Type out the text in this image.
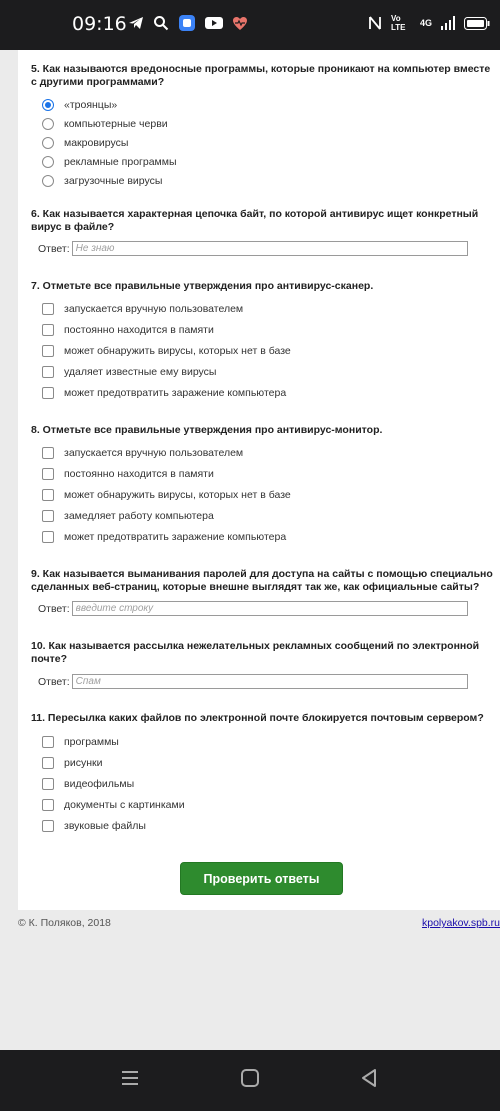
09:16	Vo LTE	4G
5. Как называются вредоносные программы, которые проникают на компьютер вместе с другими программами?
«троянцы»
компьютерные черви
макровирусы
рекламные программы
загрузочные вирусы
6. Как называется характерная цепочка байт, по которой антивирус ищет конкретный вирус в файле?
Ответ:
Не знаю
7. Отметьте все правильные утверждения про антивирус-сканер.
запускается вручную пользователем
постоянно находится в памяти
может обнаружить вирусы, которых нет в базе
удаляет известные ему вирусы
может предотвратить заражение компьютера
8. Отметьте все правильные утверждения про антивирус-монитор.
запускается вручную пользователем
постоянно находится в памяти
может обнаружить вирусы, которых нет в базе
замедляет работу компьютера
может предотвратить заражение компьютера
9. Как называется выманивания паролей для доступа на сайты с помощью специально сделанных веб-страниц, которые внешне выглядят так же, как официальные сайты?
Ответ:
введите строку
10. Как называется рассылка нежелательных рекламных сообщений по электронной почте?
Ответ:
Спам
11. Пересылка каких файлов по электронной почте блокируется почтовым сервером?
программы
рисунки
видеофильмы
документы с картинками
звуковые файлы
Проверить ответы
© К. Поляков, 2018	kpolyakov.spb.ru
